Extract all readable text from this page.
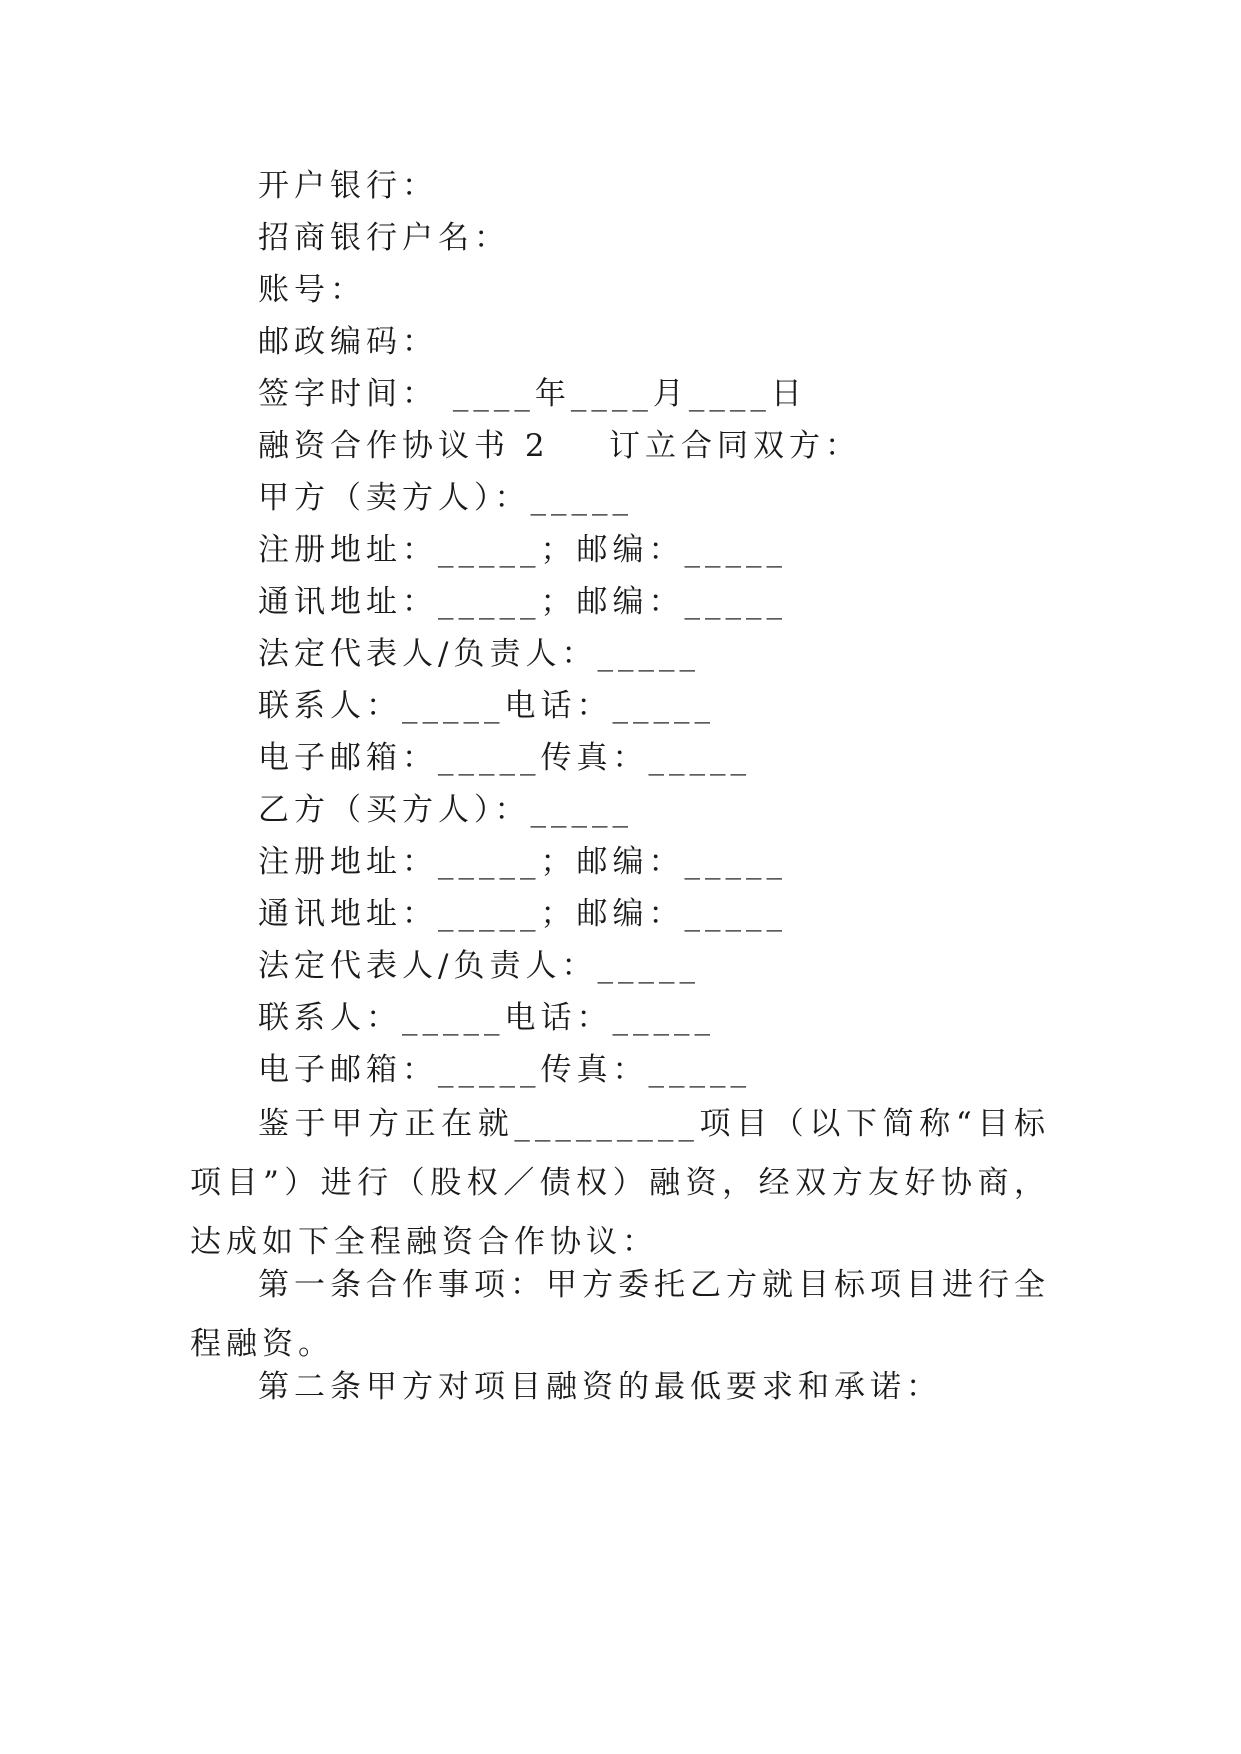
开户银行：
招商银行户名：
账号：
邮政编码：
签字时间： ____年____月____日
融资合作协议书 2    订立合同双方：
甲方（卖方人）：_____
注册地址：_____；邮编：_____
通讯地址：_____；邮编：_____
法定代表人/负责人：_____
联系人：_____电话：_____
电子邮箱：_____传真：_____
乙方（买方人）：_____
注册地址：_____；邮编：_____
通讯地址：_____；邮编：_____
法定代表人/负责人：_____
联系人：_____电话：_____
电子邮箱：_____传真：_____
鉴于甲方正在就_________项目（以下简称“目标项目”）进行（股权／债权）融资，经双方友好协商，达成如下全程融资合作协议：
第一条合作事项：甲方委托乙方就目标项目进行全程融资。
第二条甲方对项目融资的最低要求和承诺：
